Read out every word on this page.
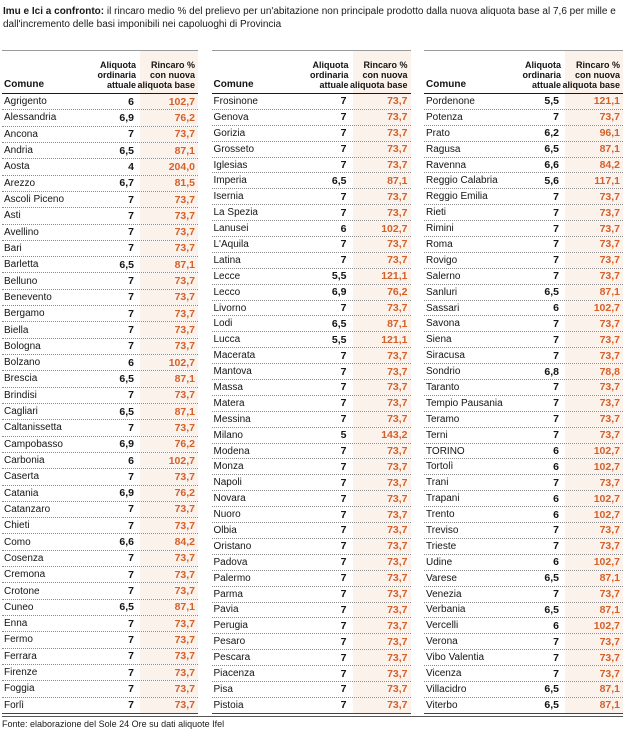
Imu e Ici a confronto: il rincaro medio % del prelievo per un'abitazione non principale prodotto dalla nuova aliquota base al 7,6 per mille e dall'incremento delle basi imponibili nei capoluoghi di Provincia
Comune
Aliquota
ordinaria
attuale
Rincaro %
con nuova
aliquota base
Agrigento	6	102,7
Alessandria	6,9	76,2
Ancona	7	73,7
Andria	6,5	87,1
Aosta	4	204,0
Arezzo	6,7	81,5
Ascoli Piceno	7	73,7
Asti	7	73,7
Avellino	7	73,7
Bari	7	73,7
Barletta	6,5	87,1
Belluno	7	73,7
Benevento	7	73,7
Bergamo	7	73,7
Biella	7	73,7
Bologna	7	73,7
Bolzano	6	102,7
Brescia	6,5	87,1
Brindisi	7	73,7
Cagliari	6,5	87,1
Caltanissetta	7	73,7
Campobasso	6,9	76,2
Carbonia	6	102,7
Caserta	7	73,7
Catania	6,9	76,2
Catanzaro	7	73,7
Chieti	7	73,7
Como	6,6	84,2
Cosenza	7	73,7
Cremona	7	73,7
Crotone	7	73,7
Cuneo	6,5	87,1
Enna	7	73,7
Fermo	7	73,7
Ferrara	7	73,7
Firenze	7	73,7
Foggia	7	73,7
Forlì	7	73,7
Comune
Aliquota
ordinaria
attuale
Rincaro %
con nuova
aliquota base
Frosinone	7	73,7
Genova	7	73,7
Gorizia	7	73,7
Grosseto	7	73,7
Iglesias	7	73,7
Imperia	6,5	87,1
Isernia	7	73,7
La Spezia	7	73,7
Lanusei	6	102,7
L'Aquila	7	73,7
Latina	7	73,7
Lecce	5,5	121,1
Lecco	6,9	76,2
Livorno	7	73,7
Lodi	6,5	87,1
Lucca	5,5	121,1
Macerata	7	73,7
Mantova	7	73,7
Massa	7	73,7
Matera	7	73,7
Messina	7	73,7
Milano	5	143,2
Modena	7	73,7
Monza	7	73,7
Napoli	7	73,7
Novara	7	73,7
Nuoro	7	73,7
Olbia	7	73,7
Oristano	7	73,7
Padova	7	73,7
Palermo	7	73,7
Parma	7	73,7
Pavia	7	73,7
Perugia	7	73,7
Pesaro	7	73,7
Pescara	7	73,7
Piacenza	7	73,7
Pisa	7	73,7
Pistoia	7	73,7
Comune
Aliquota
ordinaria
attuale
Rincaro %
con nuova
aliquota base
Pordenone	5,5	121,1
Potenza	7	73,7
Prato	6,2	96,1
Ragusa	6,5	87,1
Ravenna	6,6	84,2
Reggio Calabria	5,6	117,1
Reggio Emilia	7	73,7
Rieti	7	73,7
Rimini	7	73,7
Roma	7	73,7
Rovigo	7	73,7
Salerno	7	73,7
Sanluri	6,5	87,1
Sassari	6	102,7
Savona	7	73,7
Siena	7	73,7
Siracusa	7	73,7
Sondrio	6,8	78,8
Taranto	7	73,7
Tempio Pausania	7	73,7
Teramo	7	73,7
Terni	7	73,7
TORINO	6	102,7
Tortolì	6	102,7
Trani	7	73,7
Trapani	6	102,7
Trento	6	102,7
Treviso	7	73,7
Trieste	7	73,7
Udine	6	102,7
Varese	6,5	87,1
Venezia	7	73,7
Verbania	6,5	87,1
Vercelli	6	102,7
Verona	7	73,7
Vibo Valentia	7	73,7
Vicenza	7	73,7
Villacidro	6,5	87,1
Viterbo	6,5	87,1
Fonte: elaborazione del Sole 24 Ore su dati aliquote Ifel
